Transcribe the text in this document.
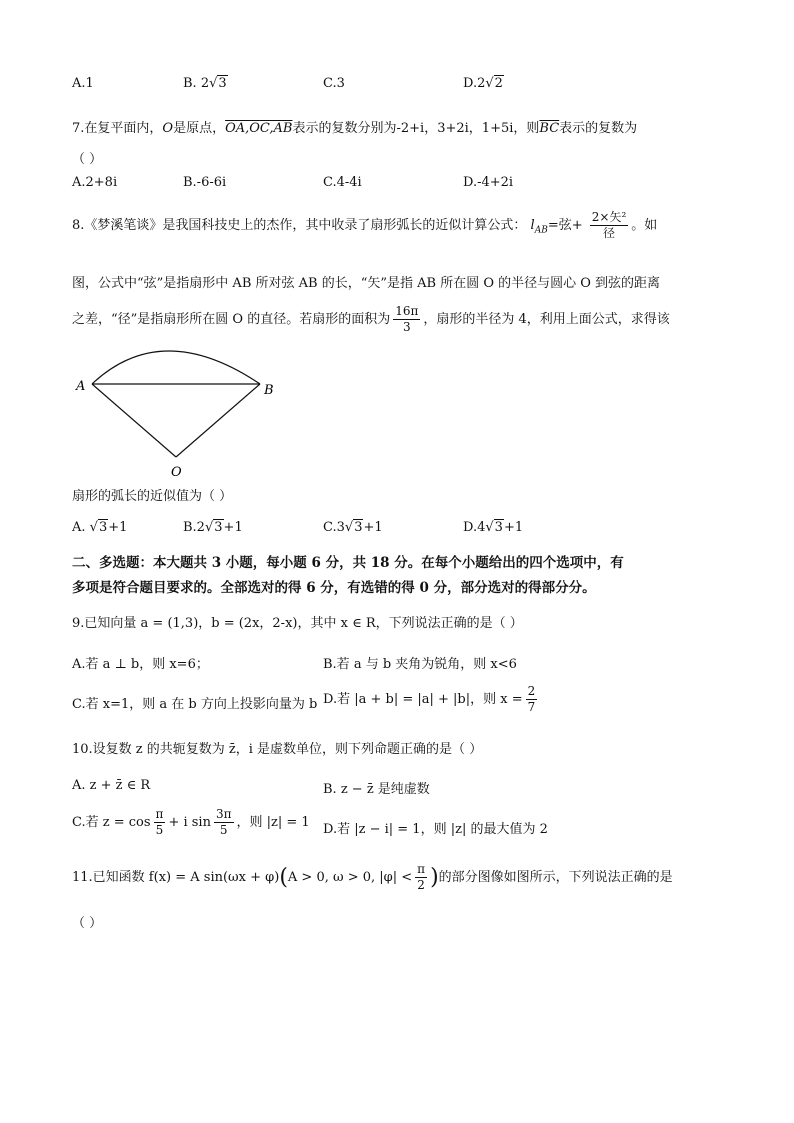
A.1	B. 2√3	C.3	D.2√2
7.在复平面内，O是原点，OA,OC,AB表示的复数分别为-2+i，3+2i，1+5i，则$\overline{BC}$表示的复数为
（ ）
A.2+8i	B.-6-6i	C.4-4i	D.-4+2i
8.《梦溪笔谈》是我国科技史上的杰作，其中收录了扇形弧长的近似计算公式： $l_{AB}=$弦+ $\frac{\text{2×矢²}}{\text{径}}$ 。如
图，公式中“弦”是指扇形中 AB 所对弦 AB 的长，“矢”是指 AB 所在圆 O 的半径与圆心 O 到弦的距离
之差，“径”是指扇形所在圆 O 的直径。若扇形的面积为 $\frac{16\pi}{3}$ ，扇形的半径为 4，利用上面公式，求得该
A	B
O
扇形的弧长的近似值为（ ）
A. √3+1	B.2√3+1	C.3√3+1	D.4√3+1
二、多选题：本大题共 3 小题，每小题 6 分，共 18 分。在每个小题给出的四个选项中，有
多项是符合题目要求的。全部选对的得 6 分，有选错的得 0 分，部分选对的得部分分。
9.已知向量 a = (1,3)，b = (2x，2-x)，其中 x ∈ R，下列说法正确的是（ ）
A.若 a ⊥ b，则 x=6；	B.若 a 与 b 夹角为锐角，则 x<6
C.若 x=1，则 a 在 b 方向上投影向量为 b D.若 |a + b| = |a| + |b|，则 $x = \frac{2}{7}$
10.设复数 z 的共轭复数为 z̄，i 是虚数单位，则下列命题正确的是（ ）
A. z + z̄ ∈ R	B. z − z̄ 是纯虚数
C.若 $z = \cos \frac{\pi}{5} + i$ $\sin \frac{3\pi}{5}$ ，则 |z| = 1 D.若 |z − i| = 1，则 |z| 的最大值为 2
11.已知函数 f(x) = A sin(ωx + φ)(A > 0, ω > 0, $|\varphi| < \frac{\pi}{2}$ )的部分图像如图所示，下列说法正确的是
（ ）
